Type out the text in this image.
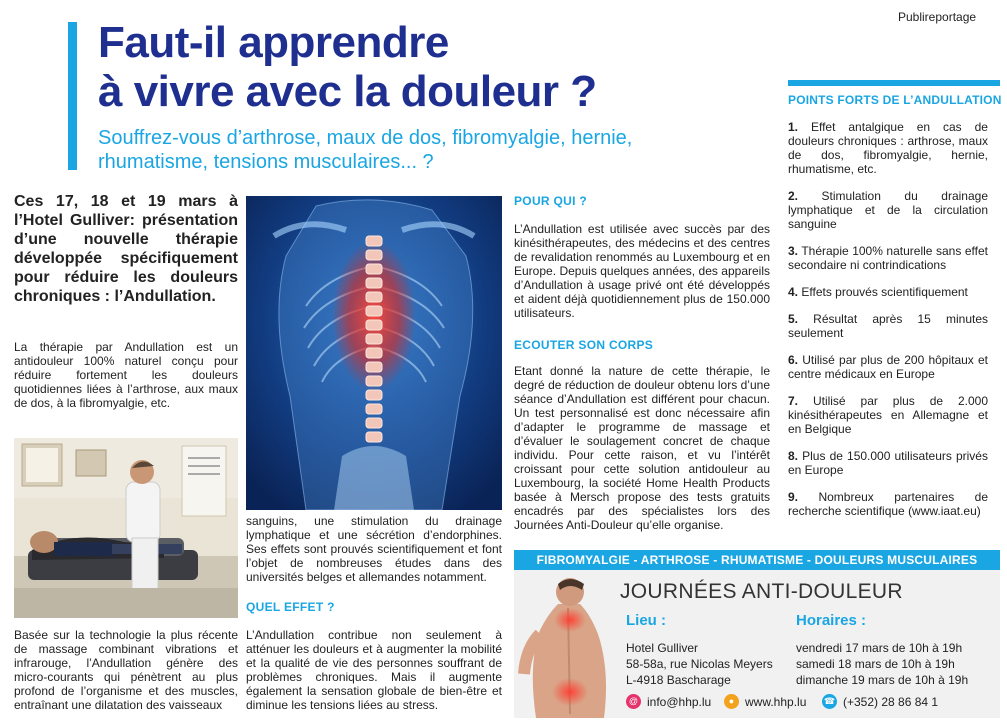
Publireportage
Faut-il apprendre
à vivre avec la douleur ?
Souffrez-vous d’arthrose, maux de dos, fibromyalgie, hernie, rhumatisme, tensions musculaires... ?

Ces 17, 18 et 19 mars à l’Hotel Gulliver: présentation d’une nouvelle thérapie développée spécifiquement pour réduire les douleurs chroniques : l’Andullation.

La thérapie par Andullation est un antidouleur 100% naturel conçu pour réduire fortement les douleurs quotidiennes liées à l’arthrose, aux maux de dos, à la fibromyalgie, etc.

Basée sur la technologie la plus récente de massage combinant vibrations et infrarouge, l’Andullation génère des micro-courants qui pénètrent au plus profond de l’organisme et des muscles, entraînant une dilatation des vaisseaux

sanguins, une stimulation du drainage lymphatique et une sécrétion d’endorphines. Ses effets sont prouvés scientifiquement et font l’objet de nombreuses études dans des universités belges et allemandes notamment.

QUEL EFFET ?

L’Andullation contribue non seulement à atténuer les douleurs et à augmenter la mobilité et la qualité de vie des personnes souffrant de problèmes chroniques. Mais il augmente également la sensation globale de bien-être et diminue les tensions liées au stress.

POUR QUI ?

L’Andullation est utilisée avec succès par des kinésithérapeutes, des médecins et des centres de revalidation renommés au Luxembourg et en Europe. Depuis quelques années, des appareils d’Andullation à usage privé ont été développés et aident déjà quotidiennement plus de 150.000 utilisateurs.

ECOUTER SON CORPS

Etant donné la nature de cette thérapie, le degré de réduction de douleur obtenu lors d’une séance d’Andullation est différent pour chacun. Un test personnalisé est donc nécessaire afin d’adapter le programme de massage et d’évaluer le soulagement concret de chaque individu. Pour cette raison, et vu l’intérêt croissant pour cette solution antidouleur au Luxembourg, la société Home Health Products basée à Mersch propose des tests gratuits encadrés par des spécialistes lors des Journées Anti-Douleur qu’elle organise.

POINTS FORTS DE L’ANDULLATION
1. Effet antalgique en cas de douleurs chroniques : arthrose, maux de dos, fibromyalgie, hernie, rhumatisme, etc.
2. Stimulation du drainage lymphatique et de la circulation sanguine
3. Thérapie 100% naturelle sans effet secondaire ni contrindications
4. Effets prouvés scientifiquement
5. Résultat après 15 minutes seulement
6. Utilisé par plus de 200 hôpitaux et centre médicaux en Europe
7. Utilisé par plus de 2.000 kinésithérapeutes en Allemagne et en Belgique
8. Plus de 150.000 utilisateurs privés en Europe
9. Nombreux partenaires de recherche scientifique (www.iaat.eu)
FIBROMYALGIE - ARTHROSE - RHUMATISME - DOULEURS MUSCULAIRES
JOURNÉES ANTI-DOULEUR
Lieu :
Hotel Gulliver
58-58a, rue Nicolas Meyers
L-4918 Bascharage
Horaires :
vendredi 17 mars de 10h à 19h
samedi 18 mars de 10h à 19h
dimanche 19 mars de 10h à 19h
@ info@hhp.lu	● www.hhp.lu ☎ (+352) 28 86 84 1
